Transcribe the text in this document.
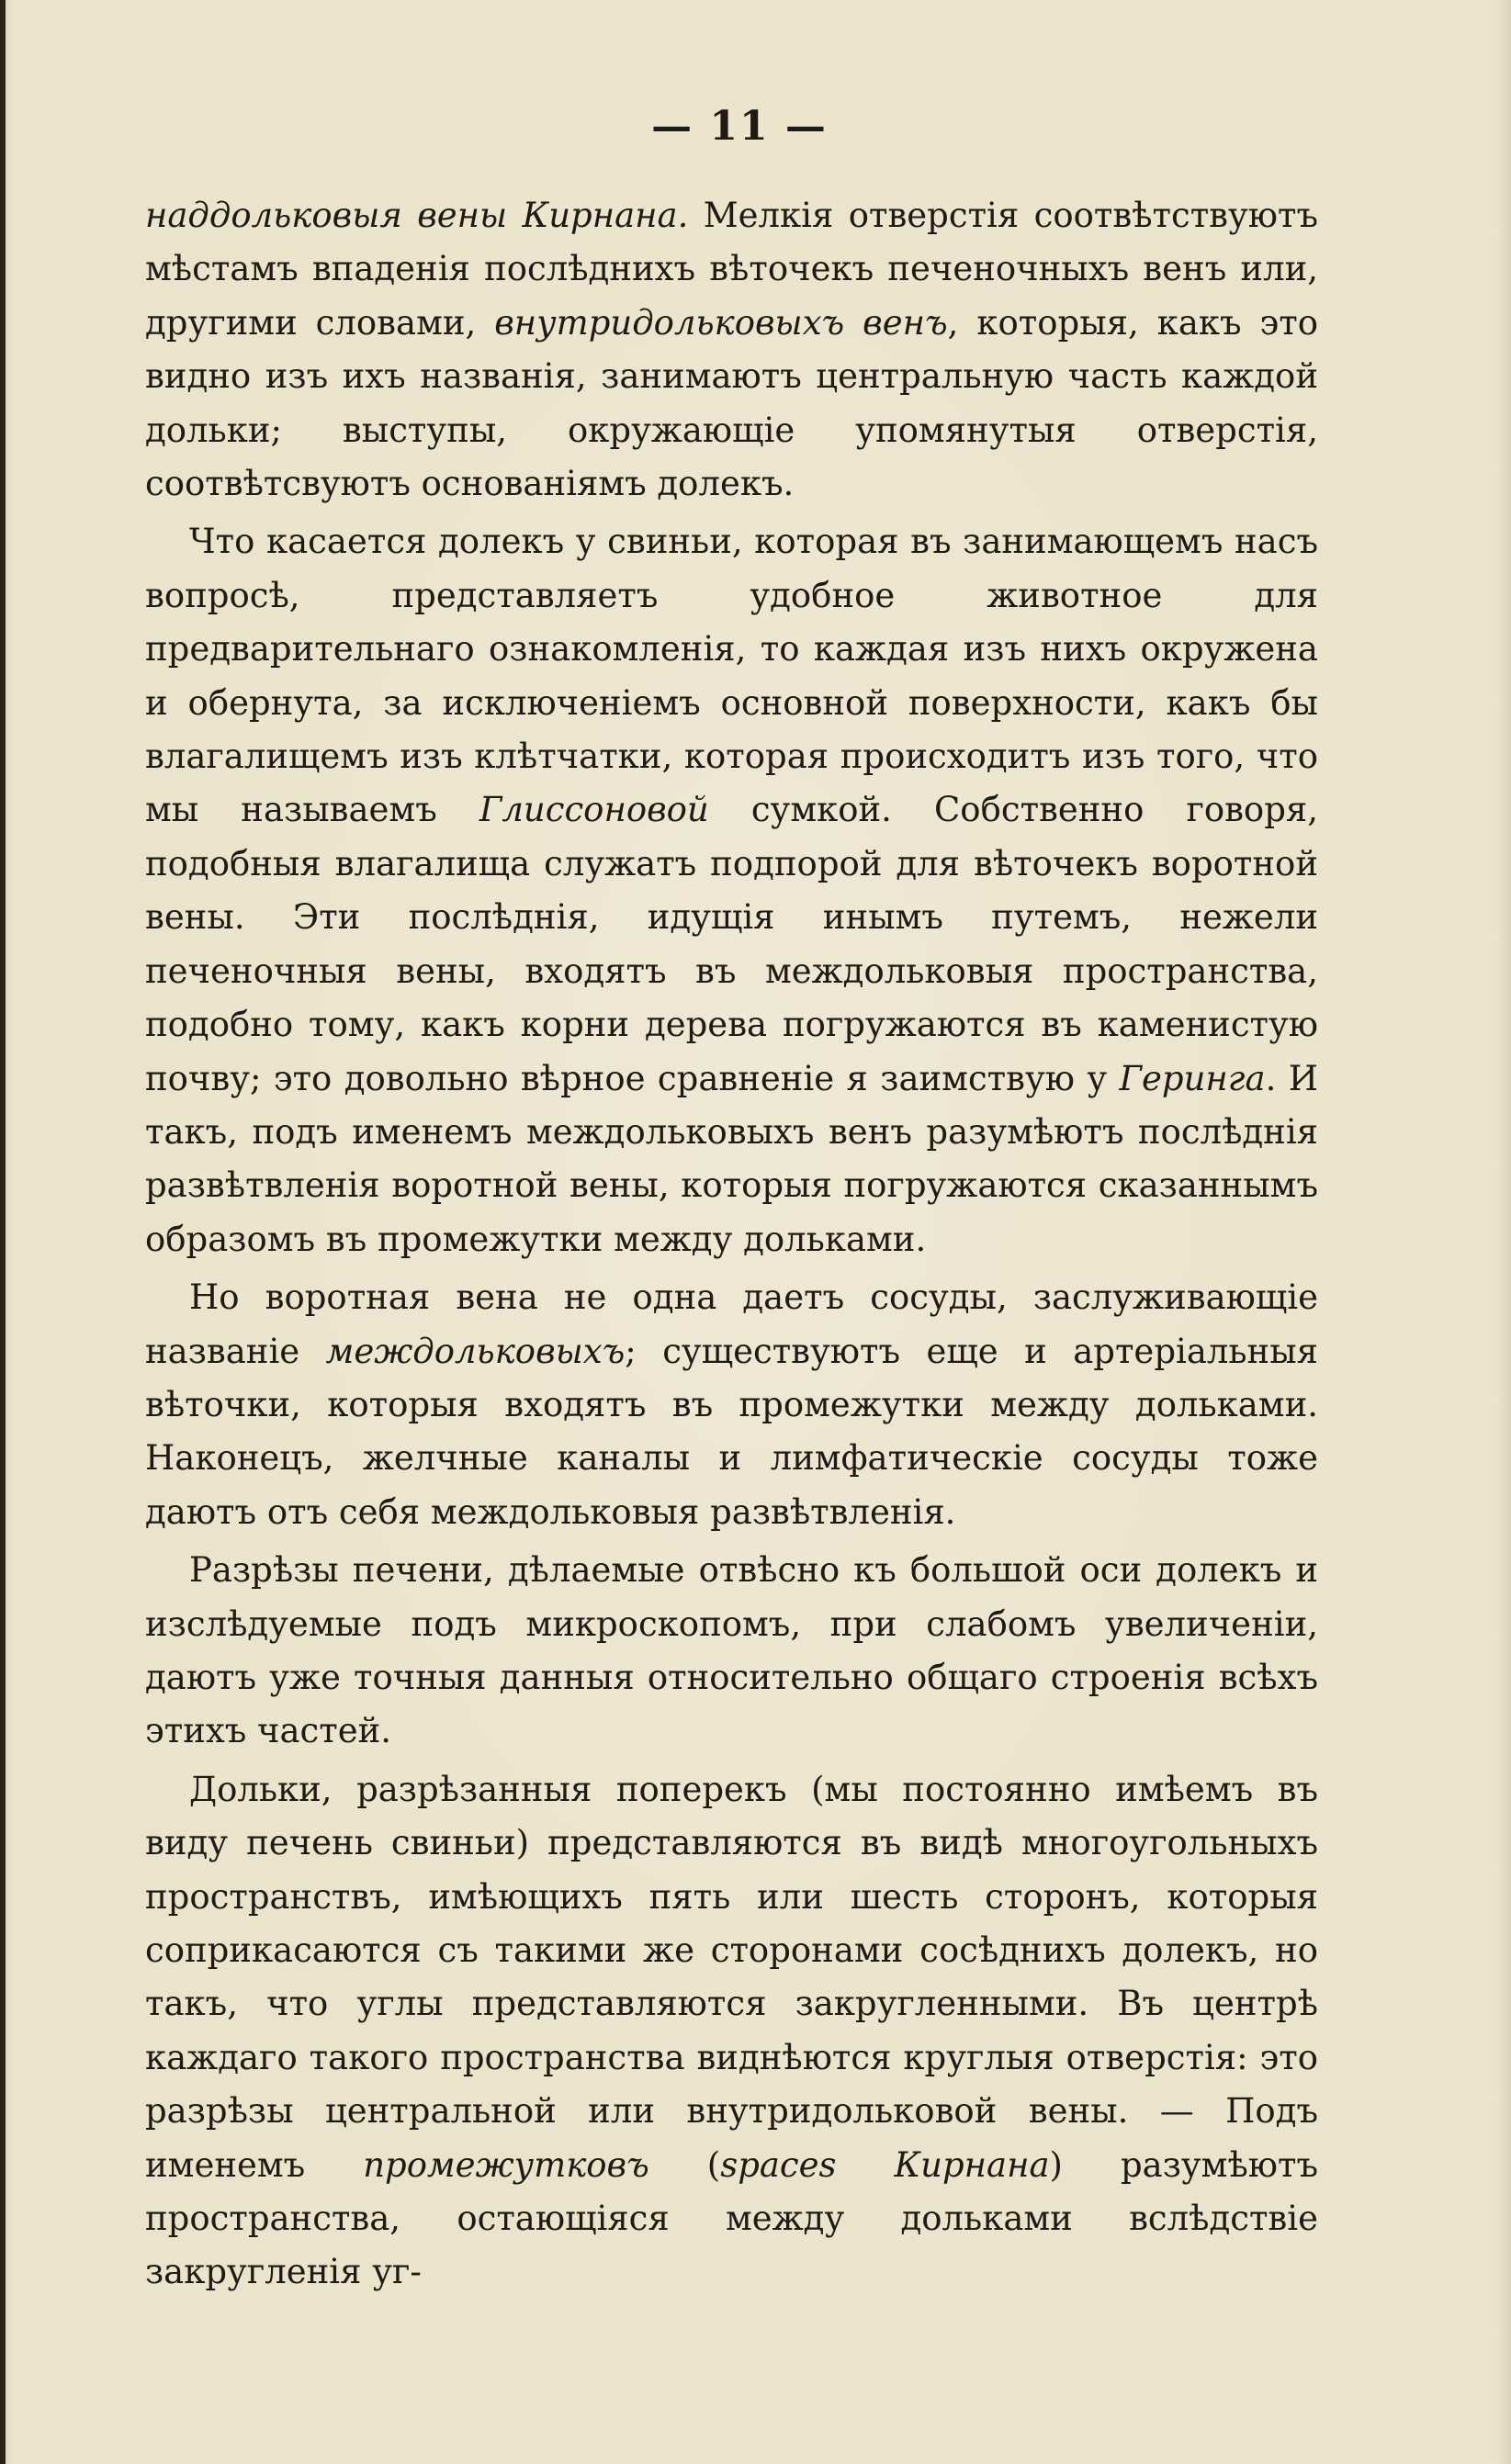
— 11 —

наддольковыя вены Кирнана. Мелкія отверстія соотвѣтствуютъ мѣстамъ впаденія послѣднихъ вѣточекъ печеночныхъ венъ или, другими словами, внутридольковыхъ венъ, которыя, какъ это видно изъ ихъ названія, занимаютъ центральную часть каждой дольки; выступы, окружающіе упомянутыя отверстія, соотвѣтсвуютъ основаніямъ долекъ.

Что касается долекъ у свиньи, которая въ занимающемъ насъ вопросѣ, представляетъ удобное животное для предварительнаго ознакомленія, то каждая изъ нихъ окружена и обернута, за исключеніемъ основной поверхности, какъ бы влагалищемъ изъ клѣтчатки, которая происходитъ изъ того, что мы называемъ Глиссоновой сумкой. Собственно говоря, подобныя влагалища служатъ подпорой для вѣточекъ воротной вены. Эти послѣднія, идущія инымъ путемъ, нежели печеночныя вены, входятъ въ междольковыя пространства, подобно тому, какъ корни дерева погружаются въ каменистую почву; это довольно вѣрное сравненіе я заимствую у Геринга. И такъ, подъ именемъ междольковыхъ венъ разумѣютъ послѣднія развѣтвленія воротной вены, которыя погружаются сказаннымъ образомъ въ промежутки между дольками.

Но воротная вена не одна даетъ сосуды, заслуживающіе названіе междольковыхъ; существуютъ еще и артеріальныя вѣточки, которыя входятъ въ промежутки между дольками. Наконецъ, желчные каналы и лимфатическіе сосуды тоже даютъ отъ себя междольковыя развѣтвленія.

Разрѣзы печени, дѣлаемые отвѣсно къ большой оси долекъ и изслѣдуемые подъ микроскопомъ, при слабомъ увеличеніи, даютъ уже точныя данныя относительно общаго строенія всѣхъ этихъ частей.

Дольки, разрѣзанныя поперекъ (мы постоянно имѣемъ въ виду печень свиньи) представляются въ видѣ многоугольныхъ пространствъ, имѣющихъ пять или шесть сторонъ, которыя соприкасаются съ такими же сторонами сосѣднихъ долекъ, но такъ, что углы представляются закругленными. Въ центрѣ каждаго такого пространства виднѣются круглыя отверстія: это разрѣзы центральной или внутридольковой вены. — Подъ именемъ промежутковъ (spaces Кирнана) разумѣютъ пространства, остающіяся между дольками вслѣдствіе закругленія уг-
